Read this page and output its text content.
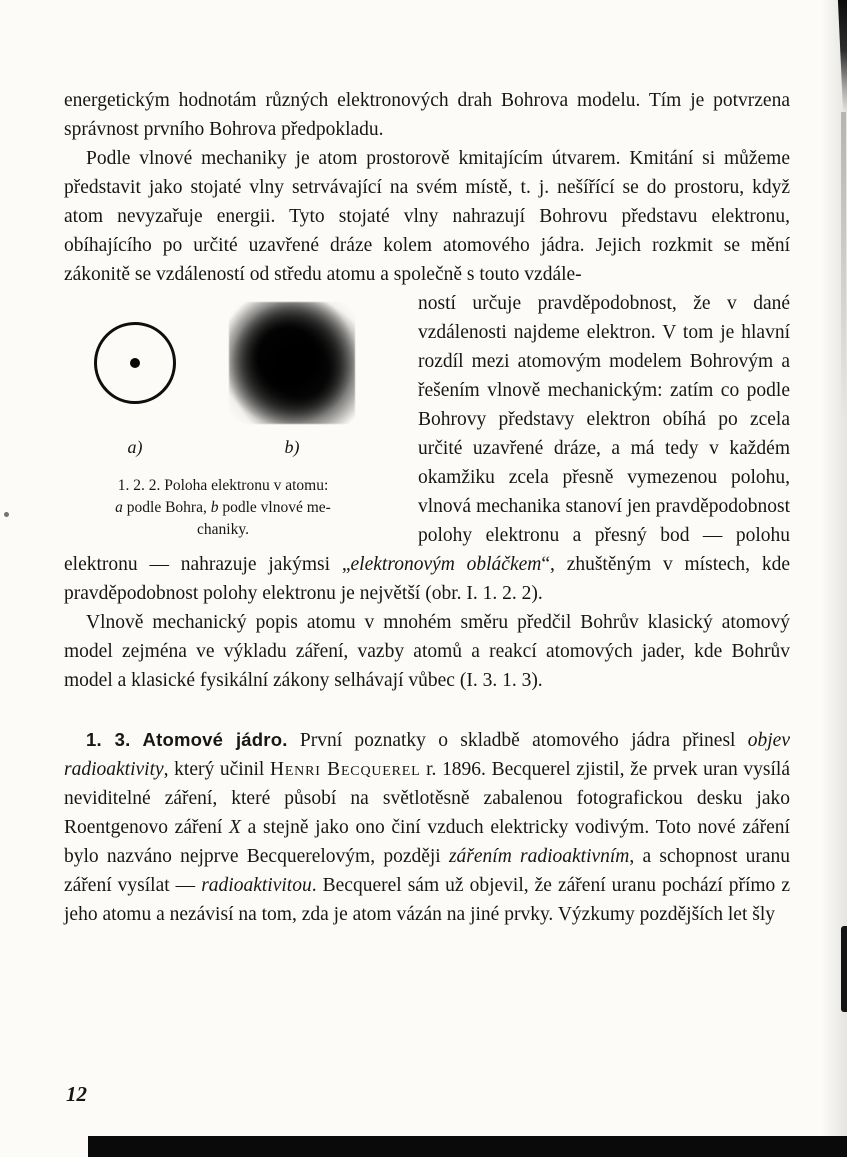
energetickým hodnotám různých elektronových drah Bohrova modelu. Tím je potvrzena správnost prvního Bohrova předpokladu.

Podle vlnové mechaniky je atom prostorově kmitajícím útvarem. Kmitání si můžeme představit jako stojaté vlny setrvávající na svém místě, t. j. nešířící se do prostoru, když atom nevyzařuje energii. Tyto stojaté vlny nahrazují Bohrovu představu elektronu, obíhajícího po určité uzavřené dráze kolem atomového jádra. Jejich rozkmit se mění zákonitě se vzdáleností od středu atomu a společně s touto vzdále-

a)	b)
1. 2. 2. Poloha elektronu v atomu:
a podle Bohra, b podle vlnové me-
chaniky.

ností určuje pravděpodobnost, že v dané vzdálenosti najdeme elektron. V tom je hlavní rozdíl mezi atomovým modelem Bohrovým a řešením vlnově mechanickým: zatím co podle Bohrovy představy elektron obíhá po zcela určité uzavřené dráze, a má tedy v každém okamžiku zcela přesně vymezenou polohu, vlnová mechanika stanoví jen pravděpodobnost polohy elektronu a přesný bod — polohu elektronu — nahrazuje jakýmsi „elektronovým obláčkem“, zhuštěným v místech, kde pravděpodobnost polohy elektronu je největší (obr. I. 1. 2. 2).

Vlnově mechanický popis atomu v mnohém směru předčil Bohrův klasický atomový model zejména ve výkladu záření, vazby atomů a reakcí atomových jader, kde Bohrův model a klasické fysikální zákony selhávají vůbec (I. 3. 1. 3).

1. 3. Atomové jádro. První poznatky o skladbě atomového jádra přinesl objev radioaktivity, který učinil Henri Becquerel r. 1896. Becquerel zjistil, že prvek uran vysílá neviditelné záření, které působí na světlotěsně zabalenou fotografickou desku jako Roentgenovo záření X a stejně jako ono činí vzduch elektricky vodivým. Toto nové záření bylo nazváno nejprve Becquerelovým, později zářením radioaktivním, a schopnost uranu záření vysílat — radioaktivitou. Becquerel sám už objevil, že záření uranu pochází přímo z jeho atomu a nezávisí na tom, zda je atom vázán na jiné prvky. Výzkumy pozdějších let šly

12
